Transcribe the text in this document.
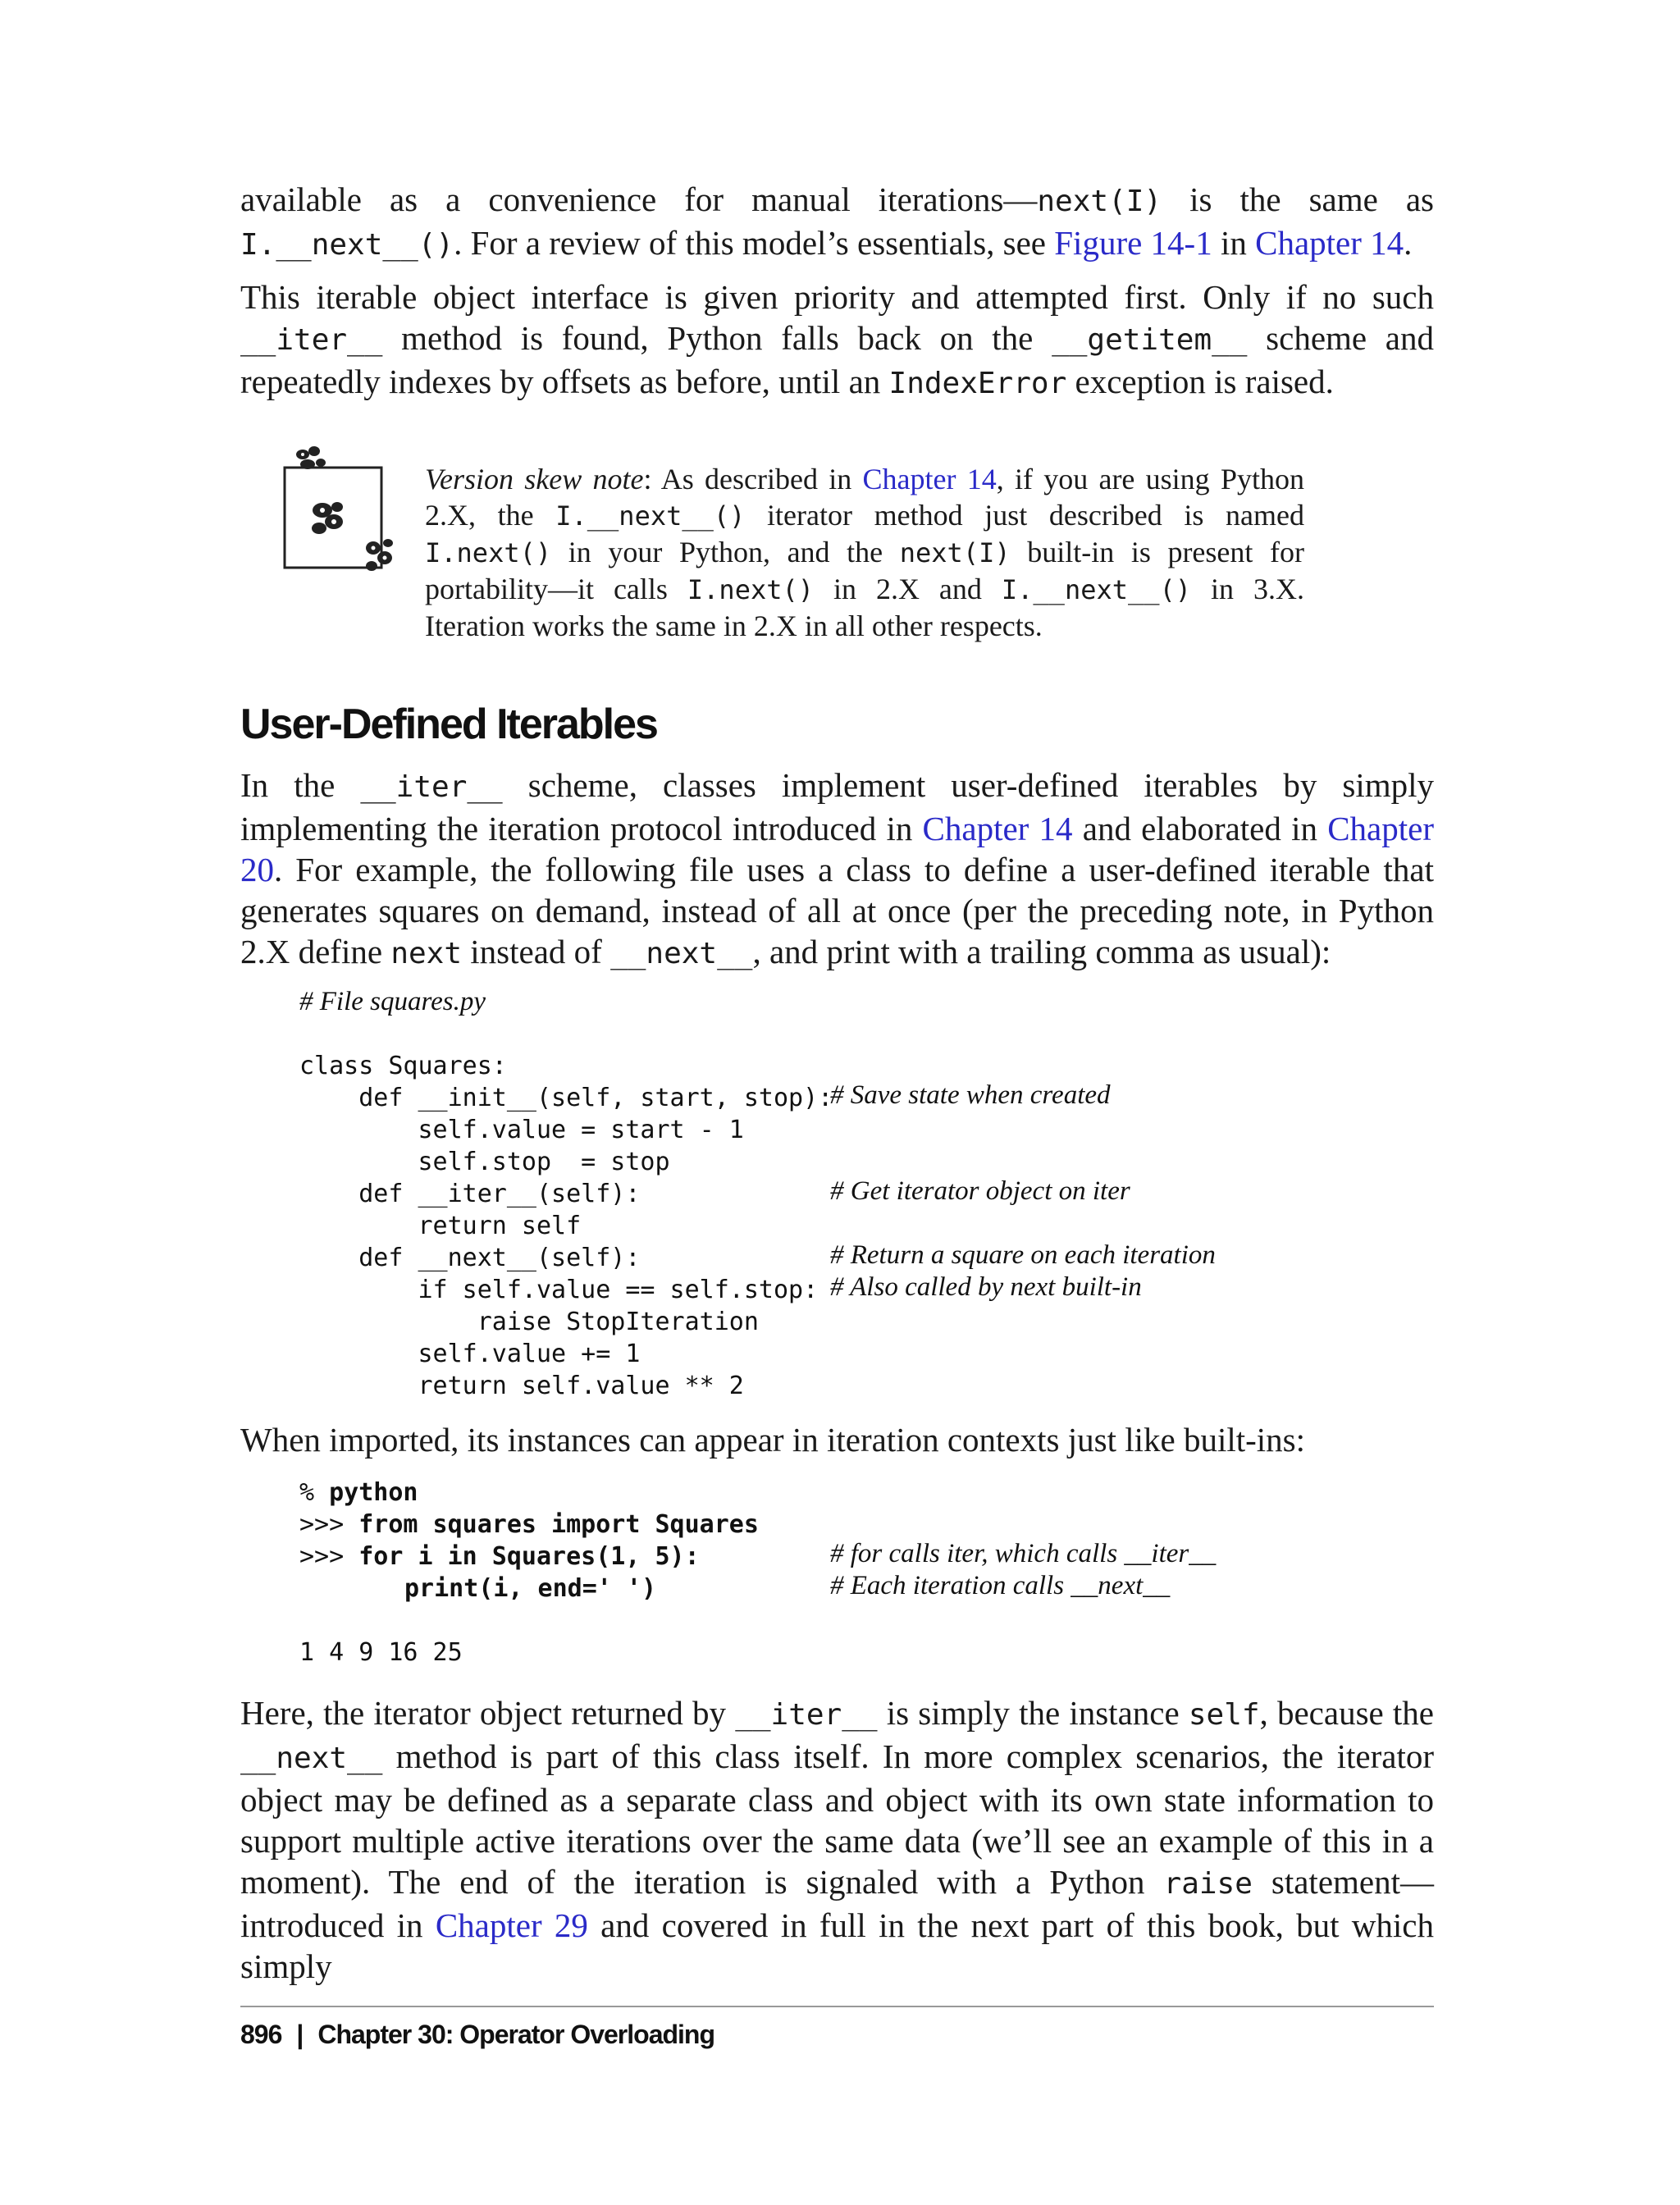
available as a convenience for manual iterations—next(I) is the same as I.__next__(). For a review of this model’s essentials, see Figure 14-1 in Chapter 14.

This iterable object interface is given priority and attempted first. Only if no such __iter__ method is found, Python falls back on the __getitem__ scheme and repeatedly indexes by offsets as before, until an IndexError exception is raised.

Version skew note: As described in Chapter 14, if you are using Python 2.X, the I.__next__() iterator method just described is named I.next() in your Python, and the next(I) built-in is present for portability—it calls I.next() in 2.X and I.__next__() in 3.X. Iteration works the same in 2.X in all other respects.
User-Defined Iterables

In the __iter__ scheme, classes implement user-defined iterables by simply implementing the iteration protocol introduced in Chapter 14 and elaborated in Chapter 20. For example, the following file uses a class to define a user-defined iterable that generates squares on demand, instead of all at once (per the preceding note, in Python 2.X define next instead of __next__, and print with a trailing comma as usual):

# File squares.py
class Squares:
def __init__(self, start, stop):
self.value = start - 1
self.stop  = stop
def __iter__(self):
return self
def __next__(self):
if self.value == self.stop:
raise StopIteration
self.value += 1
return self.value ** 2
# Save state when created
# Get iterator object on iter
# Return a square on each iteration
# Also called by next built-in

When imported, its instances can appear in iteration contexts just like built-ins:

% python
>>> from squares import Squares
>>> for i in Squares(1, 5):
print(i, end=' ')
# for calls iter, which calls __iter__
# Each iteration calls __next__
1 4 9 16 25

Here, the iterator object returned by __iter__ is simply the instance self, because the __next__ method is part of this class itself. In more complex scenarios, the iterator object may be defined as a separate class and object with its own state information to support multiple active iterations over the same data (we’ll see an example of this in a moment). The end of the iteration is signaled with a Python raise statement—introduced in Chapter 29 and covered in full in the next part of this book, but which simply

896 | Chapter 30: Operator Overloading
